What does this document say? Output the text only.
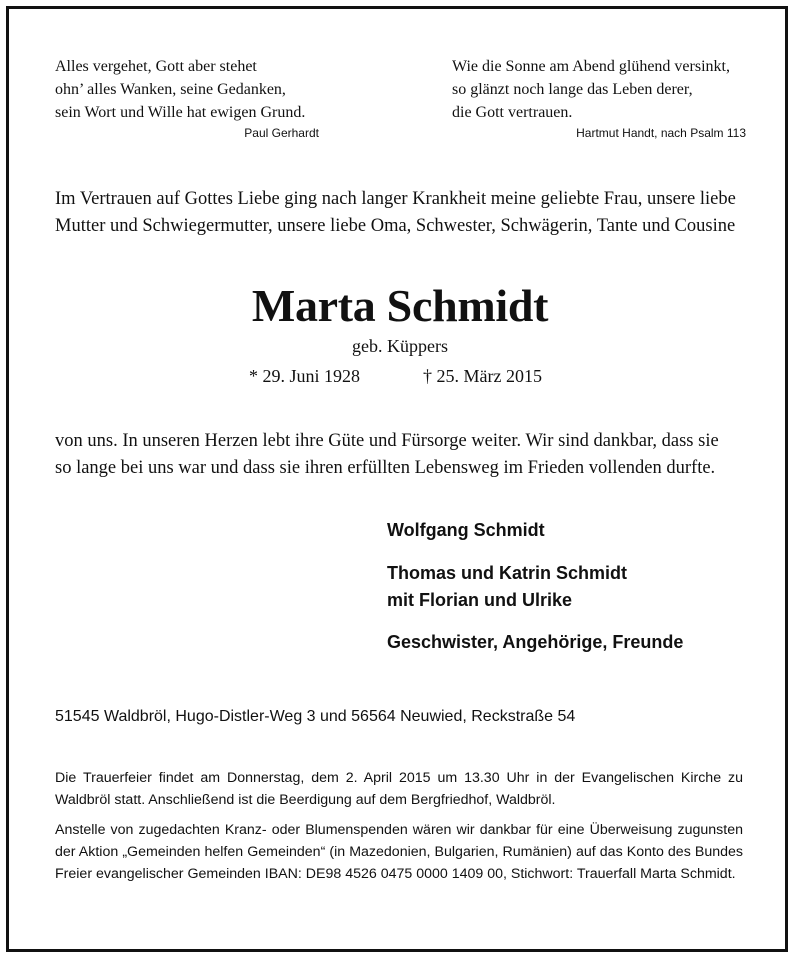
Alles vergehet, Gott aber stehet

ohn’ alles Wanken, seine Gedanken,

sein Wort und Wille hat ewigen Grund.

Paul Gerhardt

Wie die Sonne am Abend glühend versinkt,

so glänzt noch lange das Leben derer,

die Gott vertrauen.

Hartmut Handt, nach Psalm 113

Im Vertrauen auf Gottes Liebe ging nach langer Krankheit meine geliebte Frau, unsere liebe

Mutter und Schwiegermutter, unsere liebe Oma, Schwester, Schwägerin, Tante und Cousine

Marta Schmidt

geb. Küppers

* 29. Juni 1928	† 25. März 2015

von uns. In unseren Herzen lebt ihre Güte und Fürsorge weiter. Wir sind dankbar, dass sie

so lange bei uns war und dass sie ihren erfüllten Lebensweg im Frieden vollenden durfte.

Wolfgang Schmidt

Thomas und Katrin Schmidt

mit Florian und Ulrike

Geschwister, Angehörige, Freunde

51545 Waldbröl, Hugo-Distler-Weg 3 und 56564 Neuwied, Reckstraße 54

Die Trauerfeier findet am Donnerstag, dem 2. April 2015 um 13.30 Uhr in der Evangelischen Kirche zu Waldbröl statt. Anschließend ist die Beerdigung auf dem Bergfriedhof, Waldbröl.

Anstelle von zugedachten Kranz- oder Blumenspenden wären wir dankbar für eine Überweisung zugunsten der Aktion „Gemeinden helfen Gemeinden“ (in Mazedonien, Bulgarien, Rumänien) auf das Konto des Bundes Freier evangelischer Gemeinden IBAN: DE98 4526 0475 0000 1409 00, Stichwort: Trauerfall Marta Schmidt.
